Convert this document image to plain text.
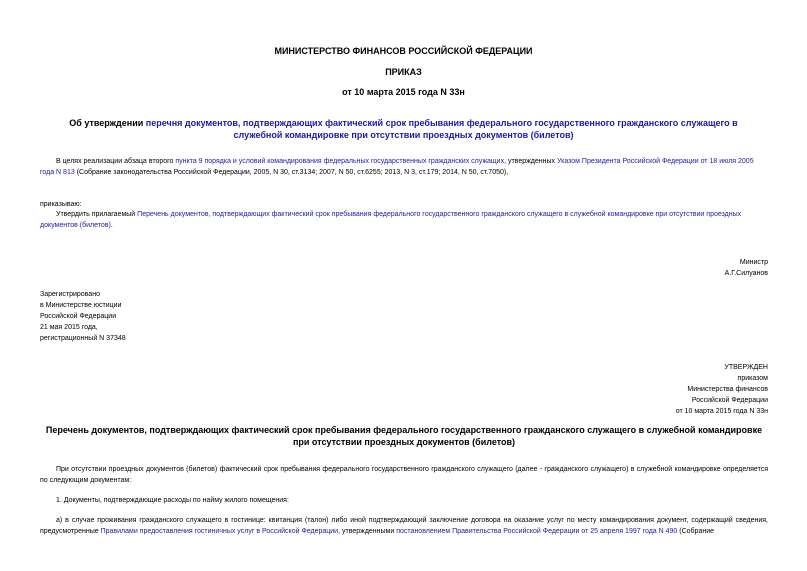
МИНИСТЕРСТВО ФИНАНСОВ РОССИЙСКОЙ ФЕДЕРАЦИИ
ПРИКАЗ
от 10 марта 2015 года N 33н
Об утверждении перечня документов, подтверждающих фактический срок пребывания федерального государственного гражданского служащего в служебной командировке при отсутствии проездных документов (билетов)
В целях реализации абзаца второго пункта 9 порядка и условий командирования федеральных государственных гражданских служащих, утвержденных Указом Президента Российской Федерации от 18 июля 2005 года N 813 (Собрание законодательства Российской Федерации, 2005, N 30, ст.3134; 2007, N 50, ст.6255; 2013, N 3, ст.179; 2014, N 50, ст.7050),
приказываю:
Утвердить прилагаемый Перечень документов, подтверждающих фактический срок пребывания федерального государственного гражданского служащего в служебной командировке при отсутствии проездных документов (билетов).
Министр
А.Г.Силуанов
Зарегистрировано
в Министерстве юстиции
Российской Федерации
21 мая 2015 года,
регистрационный N 37348
УТВЕРЖДЕН
приказом
Министерства финансов
Российской Федерации
от 10 марта 2015 года N 33н
Перечень документов, подтверждающих фактический срок пребывания федерального государственного гражданского служащего в служебной командировке при отсутствии проездных документов (билетов)
При отсутствии проездных документов (билетов) фактический срок пребывания федерального государственного гражданского служащего (далее - гражданского служащего) в служебной командировке определяется по следующим документам:
1. Документы, подтверждающие расходы по найму жилого помещения:
а) в случае проживания гражданского служащего в гостинице: квитанция (талон) либо иной подтверждающий заключение договора на оказание услуг по месту командирования документ, содержащий сведения, предусмотренные Правилами предоставления гостиничных услуг в Российской Федерации, утвержденными постановлением Правительства Российской Федерации от 25 апреля 1997 года N 490 (Собрание
